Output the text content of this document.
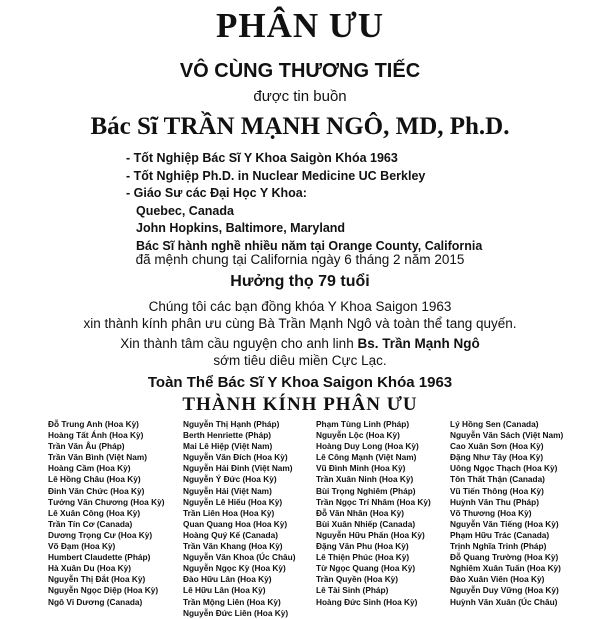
PHÂN ƯU
VÔ CÙNG THƯƠNG TIẾC
được tin buồn
Bác Sĩ TRẦN MẠNH NGÔ, MD, Ph.D.
- Tốt Nghiệp Bác Sĩ Y Khoa Saigòn Khóa 1963
- Tốt Nghiệp Ph.D. in Nuclear Medicine UC Berkley
- Giáo Sư các Đại Học Y Khoa:
Quebec, Canada
John Hopkins, Baltimore, Maryland
Bác Sĩ hành nghề nhiều năm tại Orange County, California
đã mệnh chung tại California ngày 6 tháng 2 năm 2015
Hưởng thọ 79 tuổi
Chúng tôi các bạn đồng khóa Y Khoa Saigon 1963
xin thành kính phân ưu cùng Bà Trần Mạnh Ngô và toàn thể tang quyến.
Xin thành tâm cầu nguyện cho anh linh Bs. Trần Mạnh Ngô
sớm tiêu diêu miền Cực Lạc.
Toàn Thể Bác Sĩ Y Khoa Saigon Khóa 1963
THÀNH KÍNH PHÂN ƯU
Đỗ Trung Anh (Hoa Kỳ)
Hoàng Tất Ánh (Hoa Kỳ)
Trần Văn Âu (Pháp)
Trần Văn Bình (Việt Nam)
Hoàng Cầm (Hoa Kỳ)
Lê Hồng Châu (Hoa Kỳ)
Đinh Văn Chức (Hoa Kỳ)
Tưởng Văn Chương (Hoa Kỳ)
Lê Xuân Công (Hoa Kỳ)
Trần Tín Cơ (Canada)
Dương Trọng Cư (Hoa Kỳ)
Võ Đạm (Hoa Kỳ)
Humbert Claudette (Pháp)
Hà Xuân Du (Hoa Kỳ)
Nguyễn Thị Đắt (Hoa Kỳ)
Nguyễn Ngọc Diệp (Hoa Kỳ)
Ngô Vi Dương (Canada)
Nguyễn Thị Hạnh (Pháp)
Berth Henriette (Pháp)
Mai Lê Hiệp (Việt Nam)
Nguyễn Văn Đích (Hoa Kỳ)
Nguyễn Hải Đinh (Việt Nam)
Nguyễn Ý Đức (Hoa Kỳ)
Nguyễn Hải (Việt Nam)
Nguyễn Lê Hiếu (Hoa Kỳ)
Trần Liên Hoa (Hoa Kỳ)
Quan Quang Hoa (Hoa Kỳ)
Hoàng Quý Kế (Canada)
Trần Văn Khang (Hoa Kỳ)
Nguyễn Văn Khoa (Úc Châu)
Nguyễn Ngọc Kỳ (Hoa Kỳ)
Đào Hữu Lân (Hoa Kỳ)
Lê Hữu Lân (Hoa Kỳ)
Trần Mộng Liên (Hoa Kỳ)
Nguyễn Đức Liên (Hoa Kỳ)
Phạm Tùng Linh (Pháp)
Nguyễn Lộc (Hoa Kỳ)
Hoàng Duy Long (Hoa Kỳ)
Lê Công Mạnh (Việt Nam)
Vũ Đình Minh (Hoa Kỳ)
Trần Xuân Ninh (Hoa Kỳ)
Bùi Trọng Nghiêm (Pháp)
Trần Ngọc Trí Nhâm (Hoa Kỳ)
Đỗ Văn Nhân (Hoa Kỳ)
Bùi Xuân Nhiếp (Canada)
Nguyễn Hữu Phấn (Hoa Kỳ)
Đặng Văn Phu (Hoa Kỳ)
Lê Thiện Phúc (Hoa Kỳ)
Từ Ngọc Quang (Hoa Kỳ)
Trần Quyền (Hoa Kỳ)
Lê Tài Sinh (Pháp)
Hoàng Đức Sinh (Hoa Kỳ)
Lý Hồng Sen (Canada)
Nguyễn Văn Sách (Việt Nam)
Cao Xuân Sơn (Hoa Kỳ)
Đặng Như Tây (Hoa Kỳ)
Uông Ngọc Thạch (Hoa Kỳ)
Tôn Thất Thận (Canada)
Vũ Tiến Thông (Hoa Kỳ)
Huỳnh Văn Thu (Pháp)
Võ Thương (Hoa Kỳ)
Nguyễn Văn Tiếng (Hoa Kỳ)
Phạm Hữu Trác (Canada)
Trịnh Nghĩa Trinh (Pháp)
Đỗ Quang Trường (Hoa Kỳ)
Nghiêm Xuân Tuấn (Hoa Kỳ)
Đào Xuân Viên (Hoa Kỳ)
Nguyễn Duy Vững (Hoa Kỳ)
Huỳnh Văn Xuân (Úc Châu)
